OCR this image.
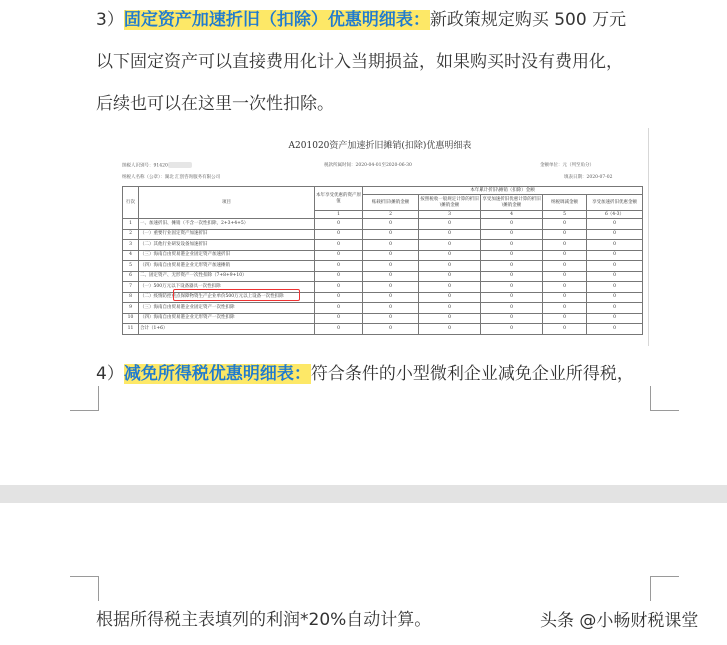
3）固定资产加速折旧（扣除）优惠明细表：新政策规定购买 500 万元
以下固定资产可以直接费用化计入当期损益，如果购买时没有费用化，
后续也可以在这里一次性扣除。
A201020资产加速折旧摊销(扣除)优惠明细表
纳税人识别号：91420	税款所属时间：2020-04-01至2020-06-30	金额单位：元（列至角分）
纳税人名称（公章）：湖北 汇创咨询服务有限公司	填表日期：2020-07-02
行次	项目	本年享受优惠的资产原值	本年累计折旧\摊销（扣除）金额				
			账载折旧\摊销金额	按照税收一般规定计算的折旧\摊销金额	享受加速折旧优惠计算的折旧\摊销金额	纳税调减金额	享受加速折旧优惠金额
		1	2	3	4	5	6（4-3）
1	一、加速折旧、摊销（不含一次性扣除，2+3+4+5）	0	0	0	0	0	0
2	（一）重要行业固定资产加速折旧	0	0	0	0	0	0
3	（二）其他行业研发设备加速折旧	0	0	0	0	0	0
4	（三）海南自由贸易港企业固定资产加速折旧	0	0	0	0	0	0
5	（四）海南自由贸易港企业无形资产加速摊销	0	0	0	0	0	0
6	二、固定资产、无形资产一次性扣除（7+8+9+10）	0	0	0	0	0	0
7	（一）500万元以下设备器具一次性扣除	0	0	0	0	0	0
8	（二）疫情防控重点保障物资生产企业单价500万元以上设备一次性扣除	0	0	0	0	0	0
9	（三）海南自由贸易港企业固定资产一次性扣除	0	0	0	0	0	0
10	（四）海南自由贸易港企业无形资产一次性扣除	0	0	0	0	0	0
11	合计（1+6）	0	0	0	0	0	0
4）减免所得税优惠明细表：符合条件的小型微利企业减免企业所得税，
根据所得税主表填列的利润*20%自动计算。	头条 @小畅财税课堂
